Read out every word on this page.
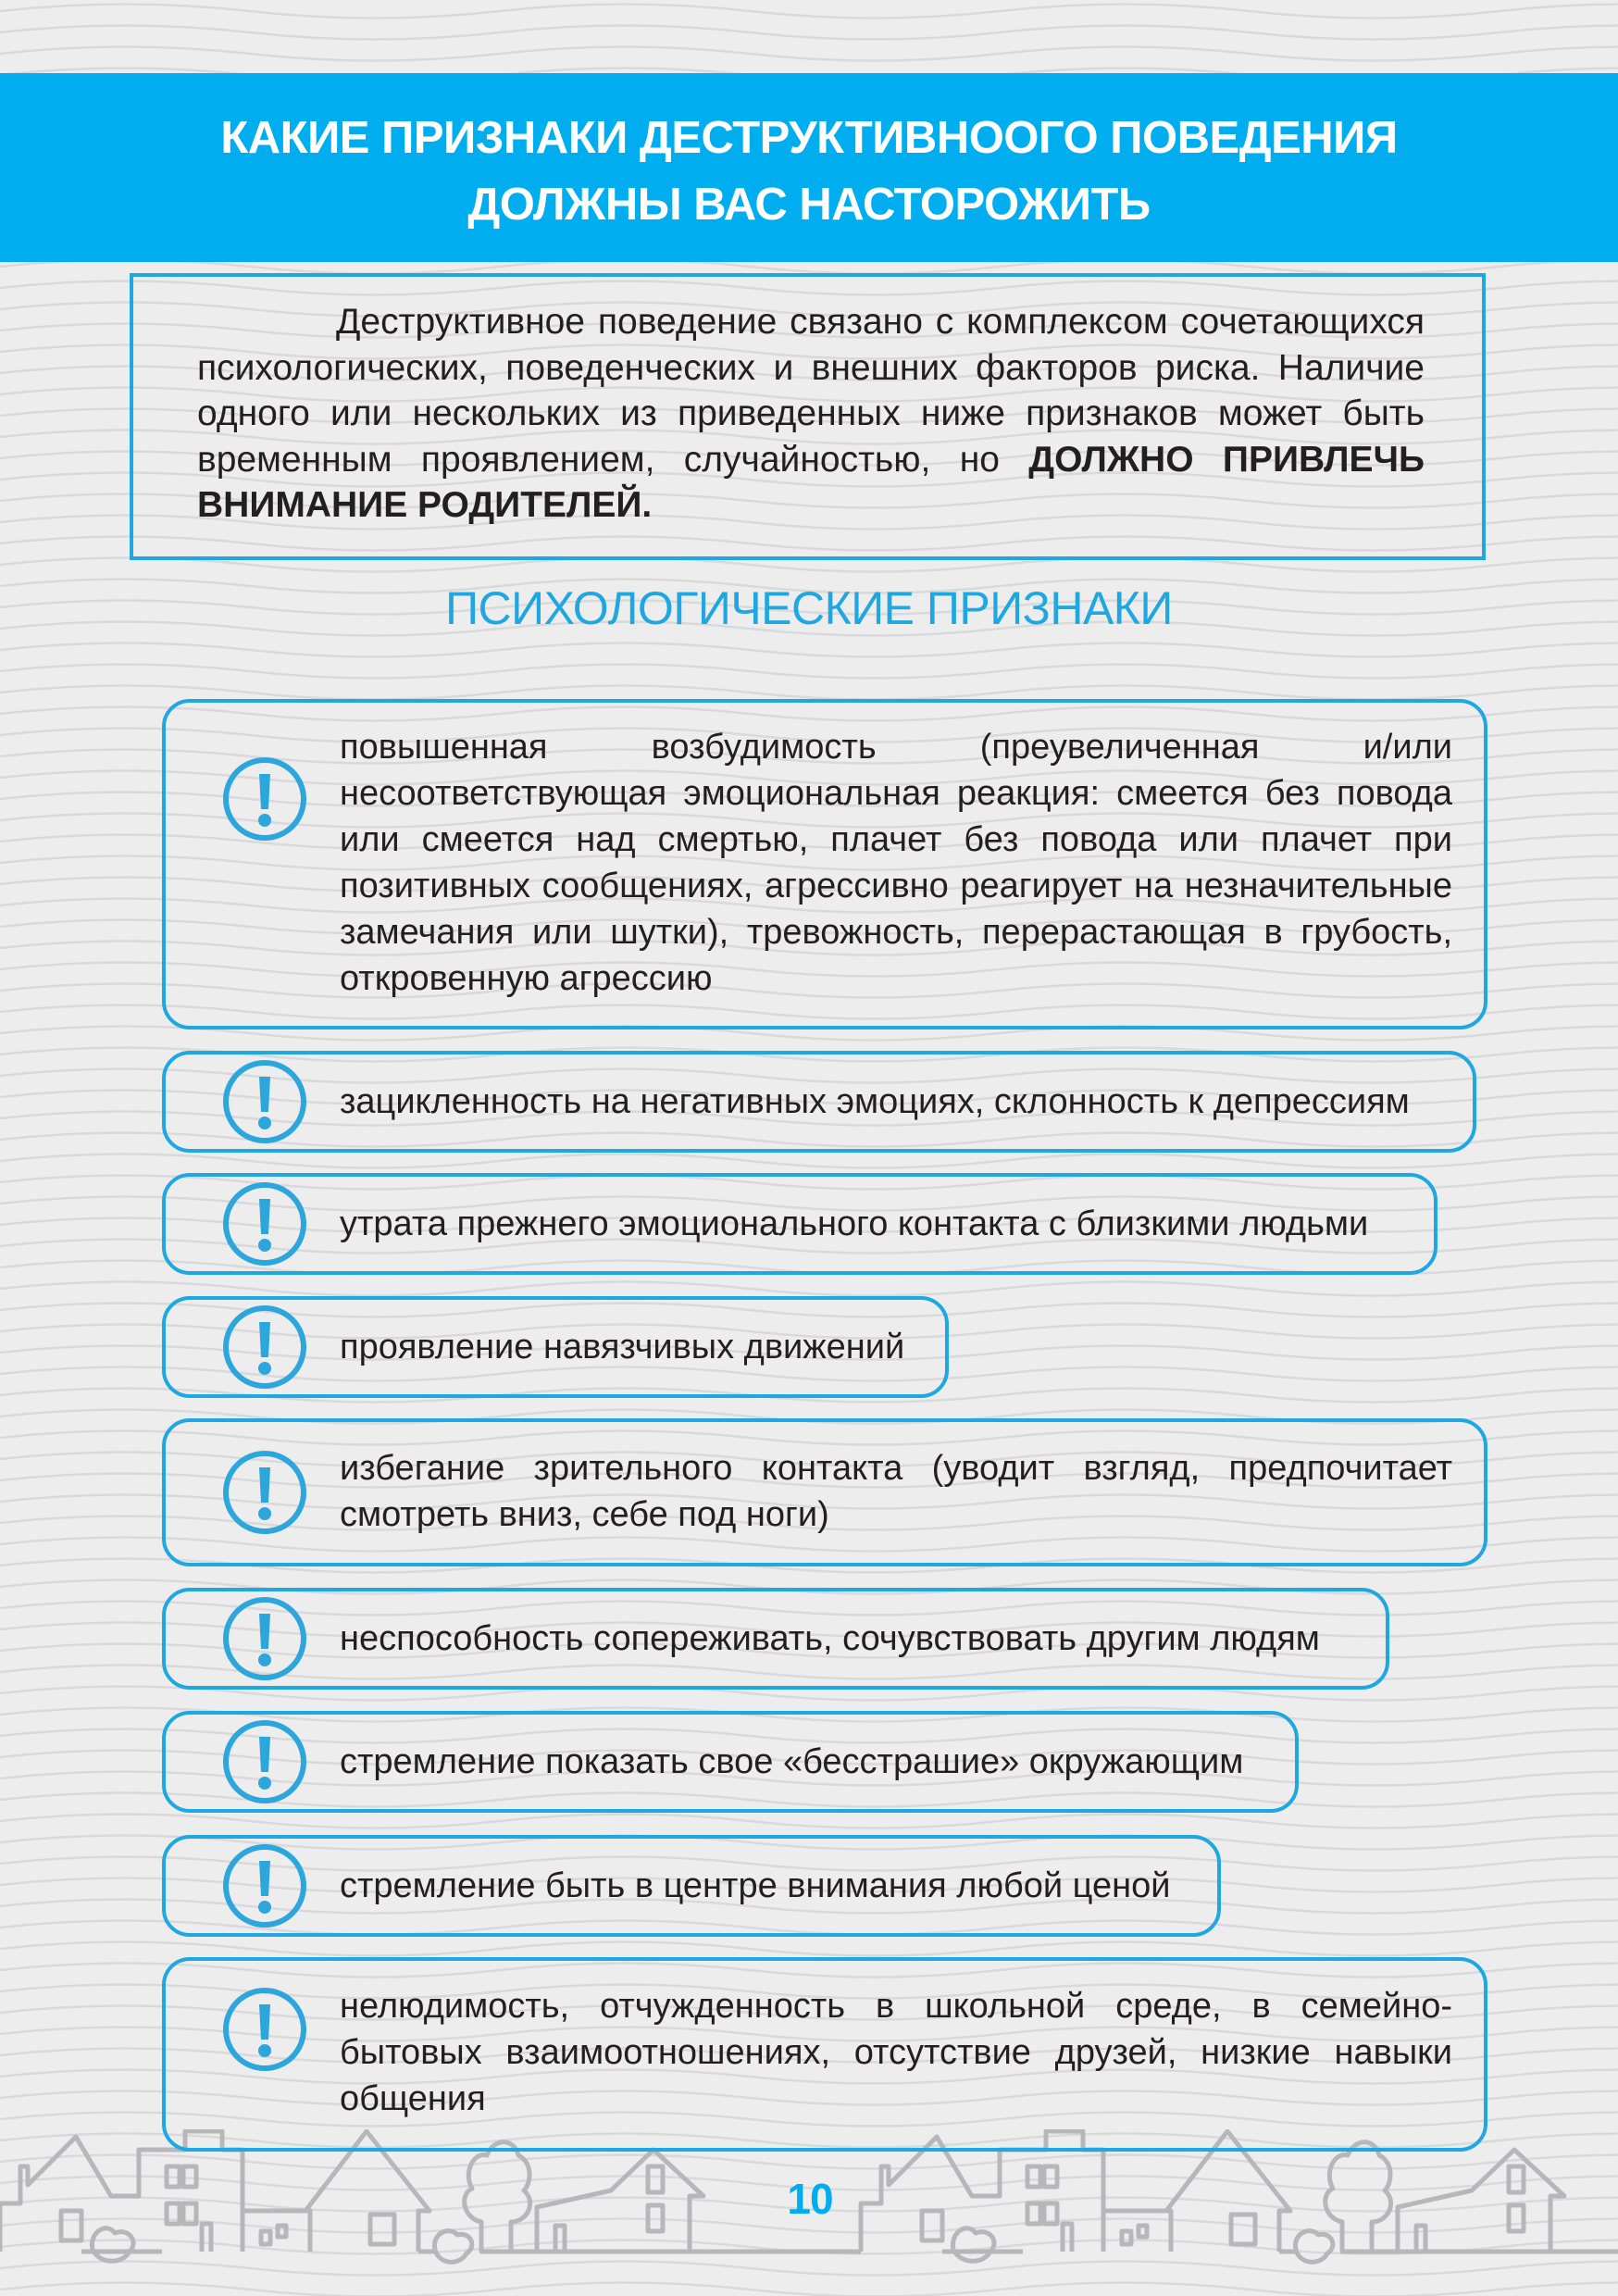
КАКИЕ ПРИЗНАКИ ДЕСТРУКТИВНООГО ПОВЕДЕНИЯ
ДОЛЖНЫ ВАС НАСТОРОЖИТЬ
Деструктивное поведение связано с комплексом сочетающихся
психологических, поведенческих и внешних факторов риска. Наличие
одного или нескольких из приведенных ниже признаков может быть
временным проявлением, случайностью, но ДОЛЖНО ПРИВЛЕЧЬ
ВНИМАНИЕ РОДИТЕЛЕЙ.
ПСИХОЛОГИЧЕСКИЕ ПРИЗНАКИ
повышенная возбудимость (преувеличенная и/или
несоответствующая эмоциональная реакция: смеется без повода
или смеется над смертью, плачет без повода или плачет при
позитивных сообщениях, агрессивно реагирует на незначительные
замечания или шутки), тревожность, перерастающая в грубость,
откровенную агрессию
зацикленность на негативных эмоциях, склонность к депрессиям
утрата прежнего эмоционального контакта с близкими людьми
проявление навязчивых движений
избегание зрительного контакта (уводит взгляд, предпочитает
смотреть вниз, себе под ноги)
неспособность сопереживать, сочувствовать другим людям
стремление показать свое «бесстрашие» окружающим
стремление быть в центре внимания любой ценой
нелюдимость, отчужденность в школьной среде, в семейно-
бытовых взаимоотношениях, отсутствие друзей, низкие навыки
общения
10
